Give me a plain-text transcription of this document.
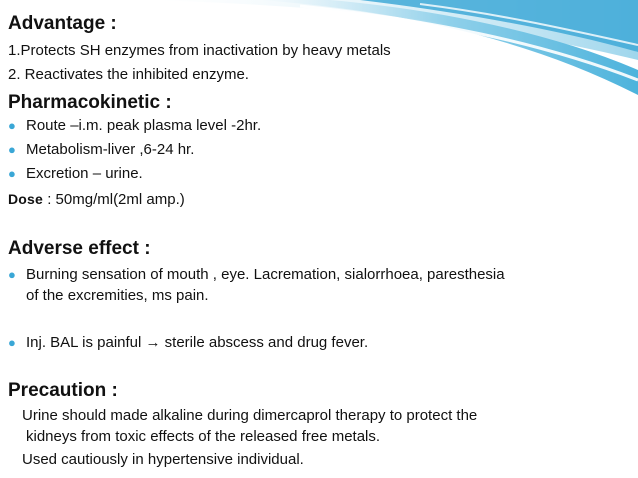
Advantage :
1.Protects SH enzymes from inactivation by heavy metals
2. Reactivates the inhibited enzyme.
Pharmacokinetic :
● Route –i.m. peak plasma level -2hr.
● Metabolism-liver ,6-24 hr.
● Excretion – urine.
Dose : 50mg/ml(2ml amp.)
Adverse effect :
● Burning sensation of mouth , eye. Lacremation, sialorrhoea, paresthesia
of the excremities, ms pain.
● Inj. BAL is painful → sterile abscess and drug fever.
Precaution :
Urine should made alkaline during dimercaprol therapy to protect the
kidneys from toxic effects of the released free metals.
Used cautiously in hypertensive individual.
